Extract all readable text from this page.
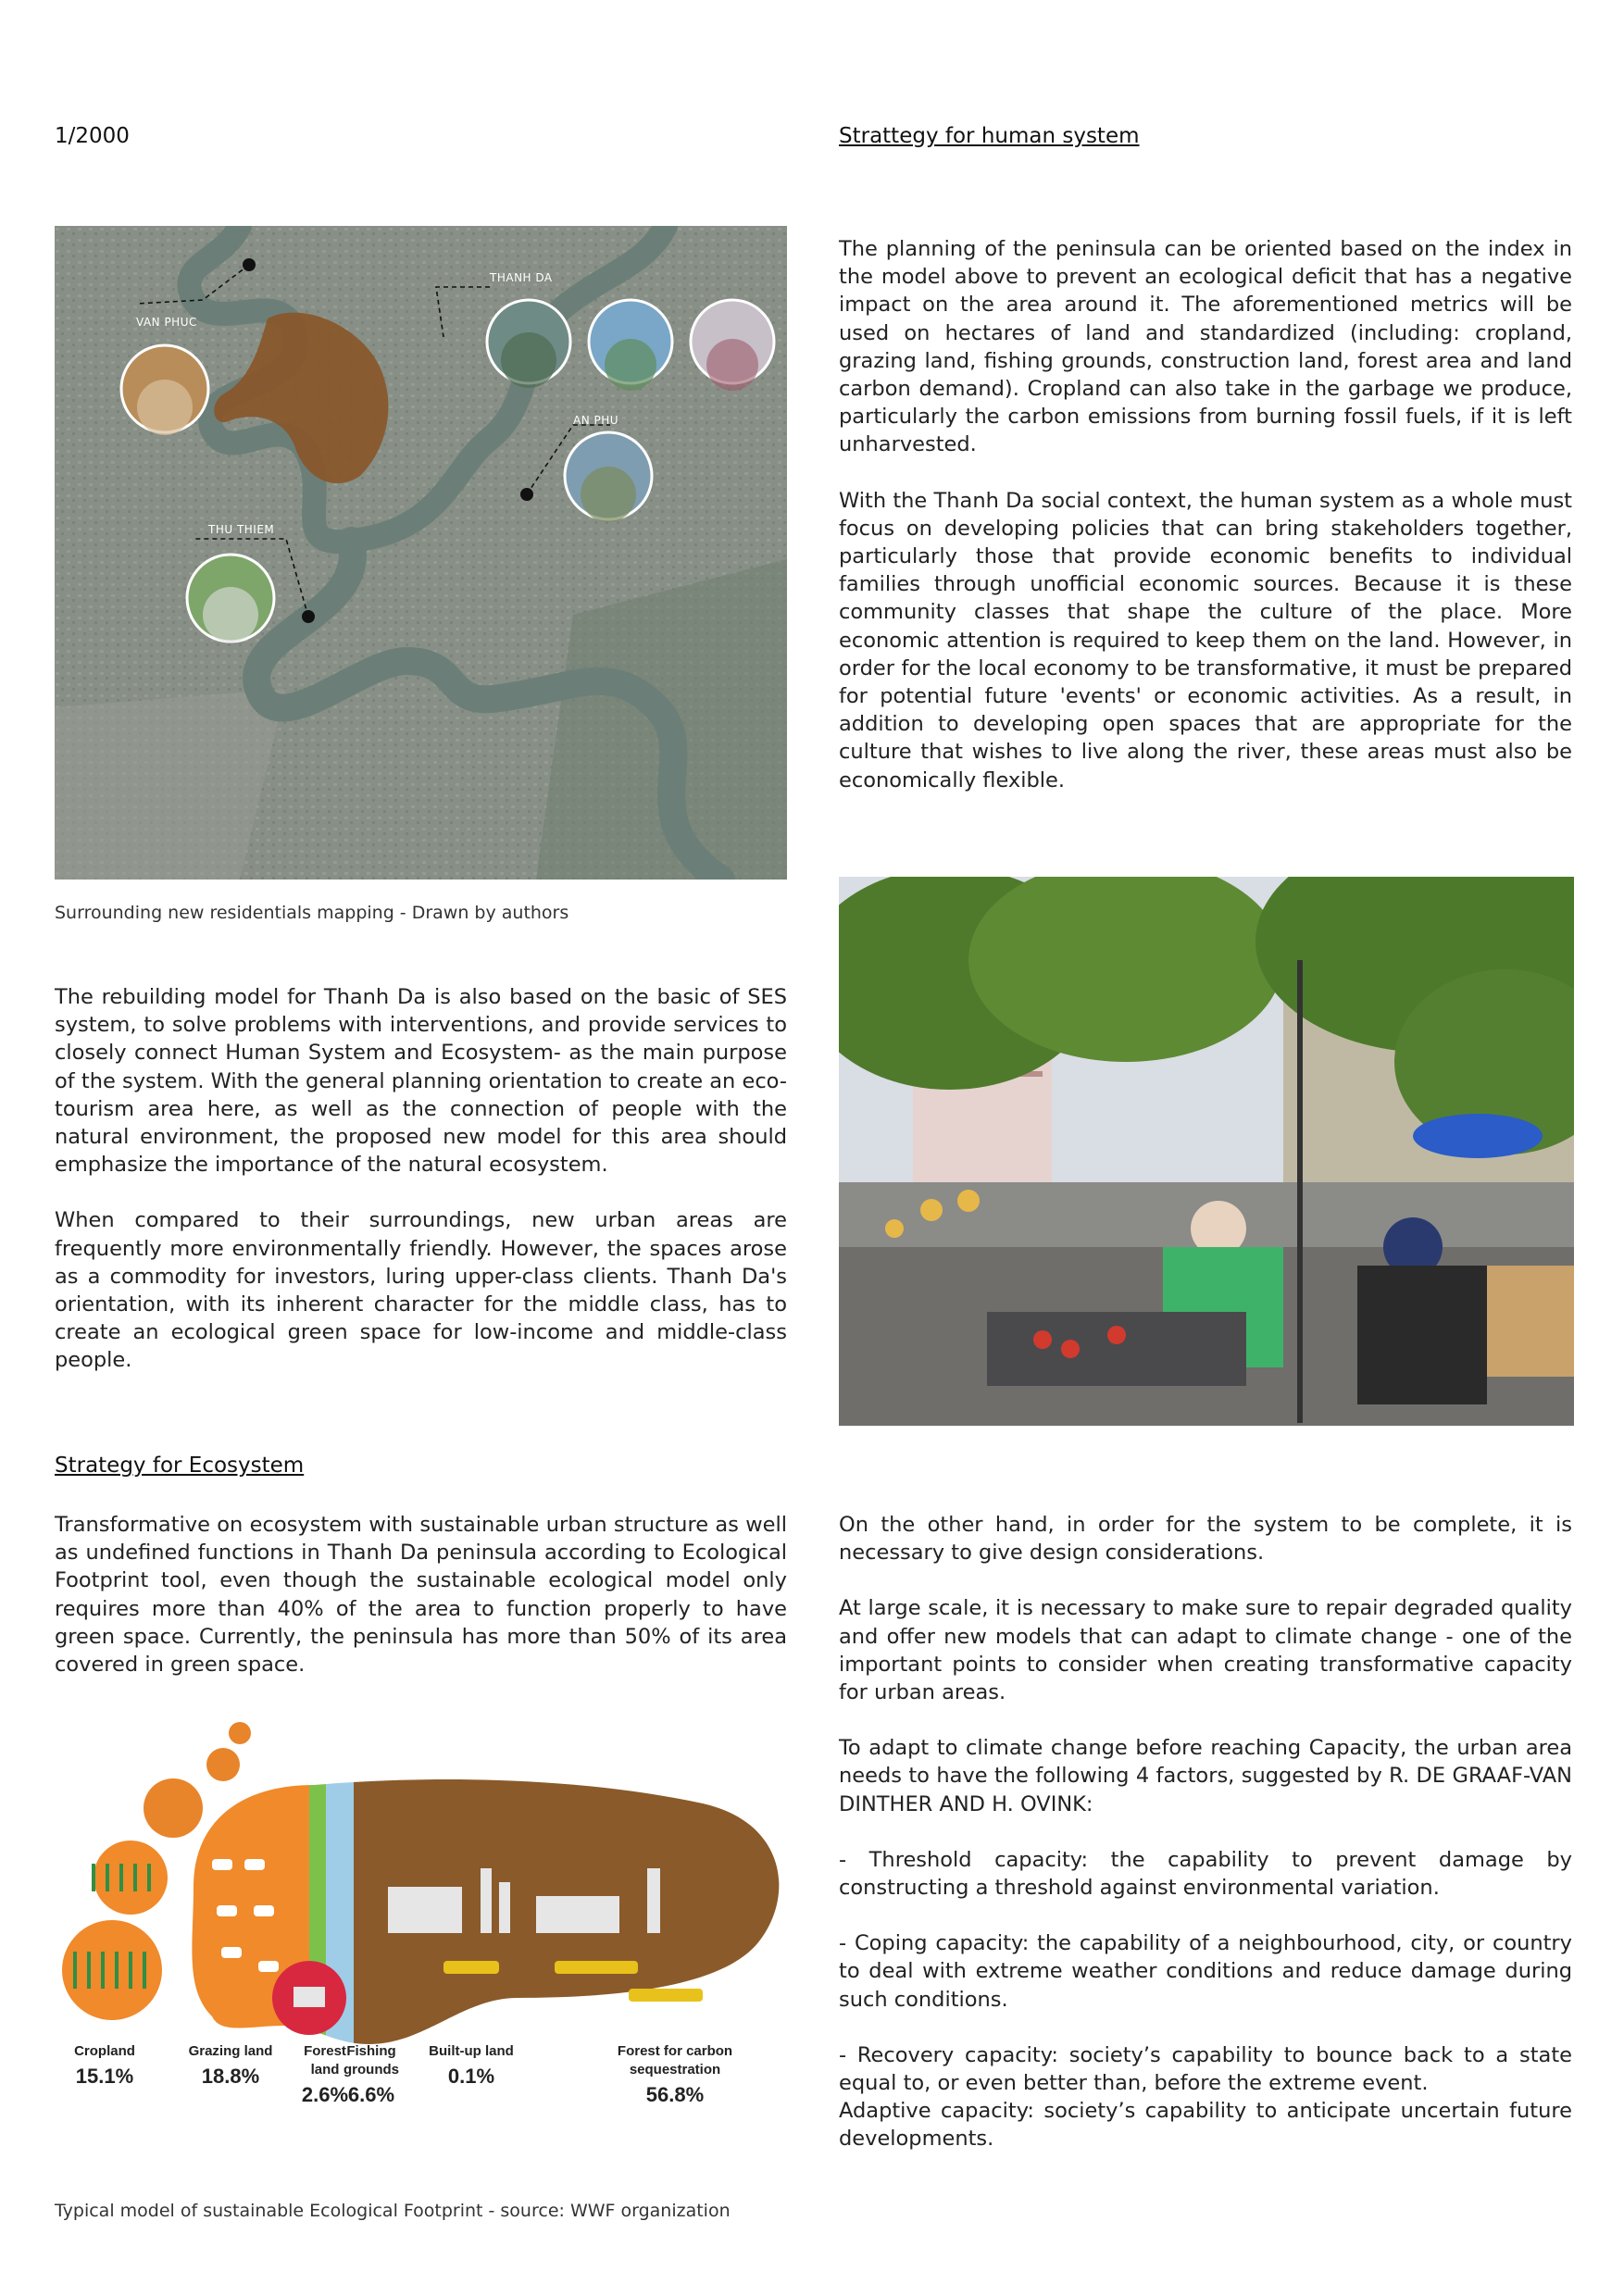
1/2000	Strattegy for human system
THANH DA
VAN PHUC
AN PHU
THU THIEM
Surrounding new residentials mapping - Drawn by authors

The planning of the peninsula can be oriented based on the index in the model above to prevent an ecological deficit that has a negative impact on the area around it. The aforementioned metrics will be used on hectares of land and standardized (including: cropland, grazing land, fishing grounds, construction land, forest area and land carbon demand). Cropland can also take in the garbage we produce, particularly the carbon emissions from burning fossil fuels, if it is left unharvested.

With the Thanh Da social context, the human system as a whole must focus on developing policies that can bring stakeholders together, particularly those that provide economic benefits to individual families through unofficial economic sources. Because it is these community classes that shape the culture of the place. More economic attention is required to keep them on the land. However, in order for the local economy to be transformative, it must be prepared for potential future 'events' or economic activities. As a result, in addition to developing open spaces that are appropriate for the culture that wishes to live along the river, these areas must also be economically flexible.

The rebuilding model for Thanh Da is also based on the basic of SES system, to solve problems with interventions, and provide services to closely connect Human System and Ecosystem- as the main purpose of the system. With the general planning orientation to create an eco-tourism area here, as well as the connection of people with the natural environment, the proposed new model for this area should emphasize the importance of the natural ecosystem.

When compared to their surroundings, new urban areas are frequently more environmentally friendly. However, the spaces arose as a commodity for investors, luring upper-class clients. Thanh Da's orientation, with its inherent character for the middle class, has to create an ecological green space for low-income and middle-class people.

Strategy for Ecosystem

Transformative on ecosystem with sustainable urban structure as well as undefined functions in Thanh Da peninsula according to Ecological Footprint tool, even though the sustainable ecological model only requires more than 40% of the area to function properly to have green space. Currently, the peninsula has more than 50% of its area covered in green space.

On the other hand, in order for the system to be complete, it is necessary to give design considerations.

At large scale, it is necessary to make sure to repair degraded quality and offer new models that can adapt to climate change - one of the important points to consider when creating transformative capacity for urban areas.

To adapt to climate change before reaching Capacity, the urban area needs to have the following 4 factors, suggested by R. DE GRAAF-VAN DINTHER AND H. OVINK:

- Threshold capacity: the capability to prevent damage by constructing a threshold against environmental variation.

- Coping capacity: the capability of a neighbourhood, city, or country to deal with extreme weather conditions and reduce damage during such conditions.

- Recovery capacity: society’s capability to bounce back to a state equal to, or even better than, before the extreme event.

Adaptive capacity: society’s capability to anticipate uncertain future developments.

Cropland
15.1%
Grazing land
18.8%
Forest
land
2.6%
Fishing
grounds
6.6%
Built-up land
0.1%
Forest for carbon
sequestration
56.8%
Typical model of sustainable Ecological Footprint - source: WWF organization
